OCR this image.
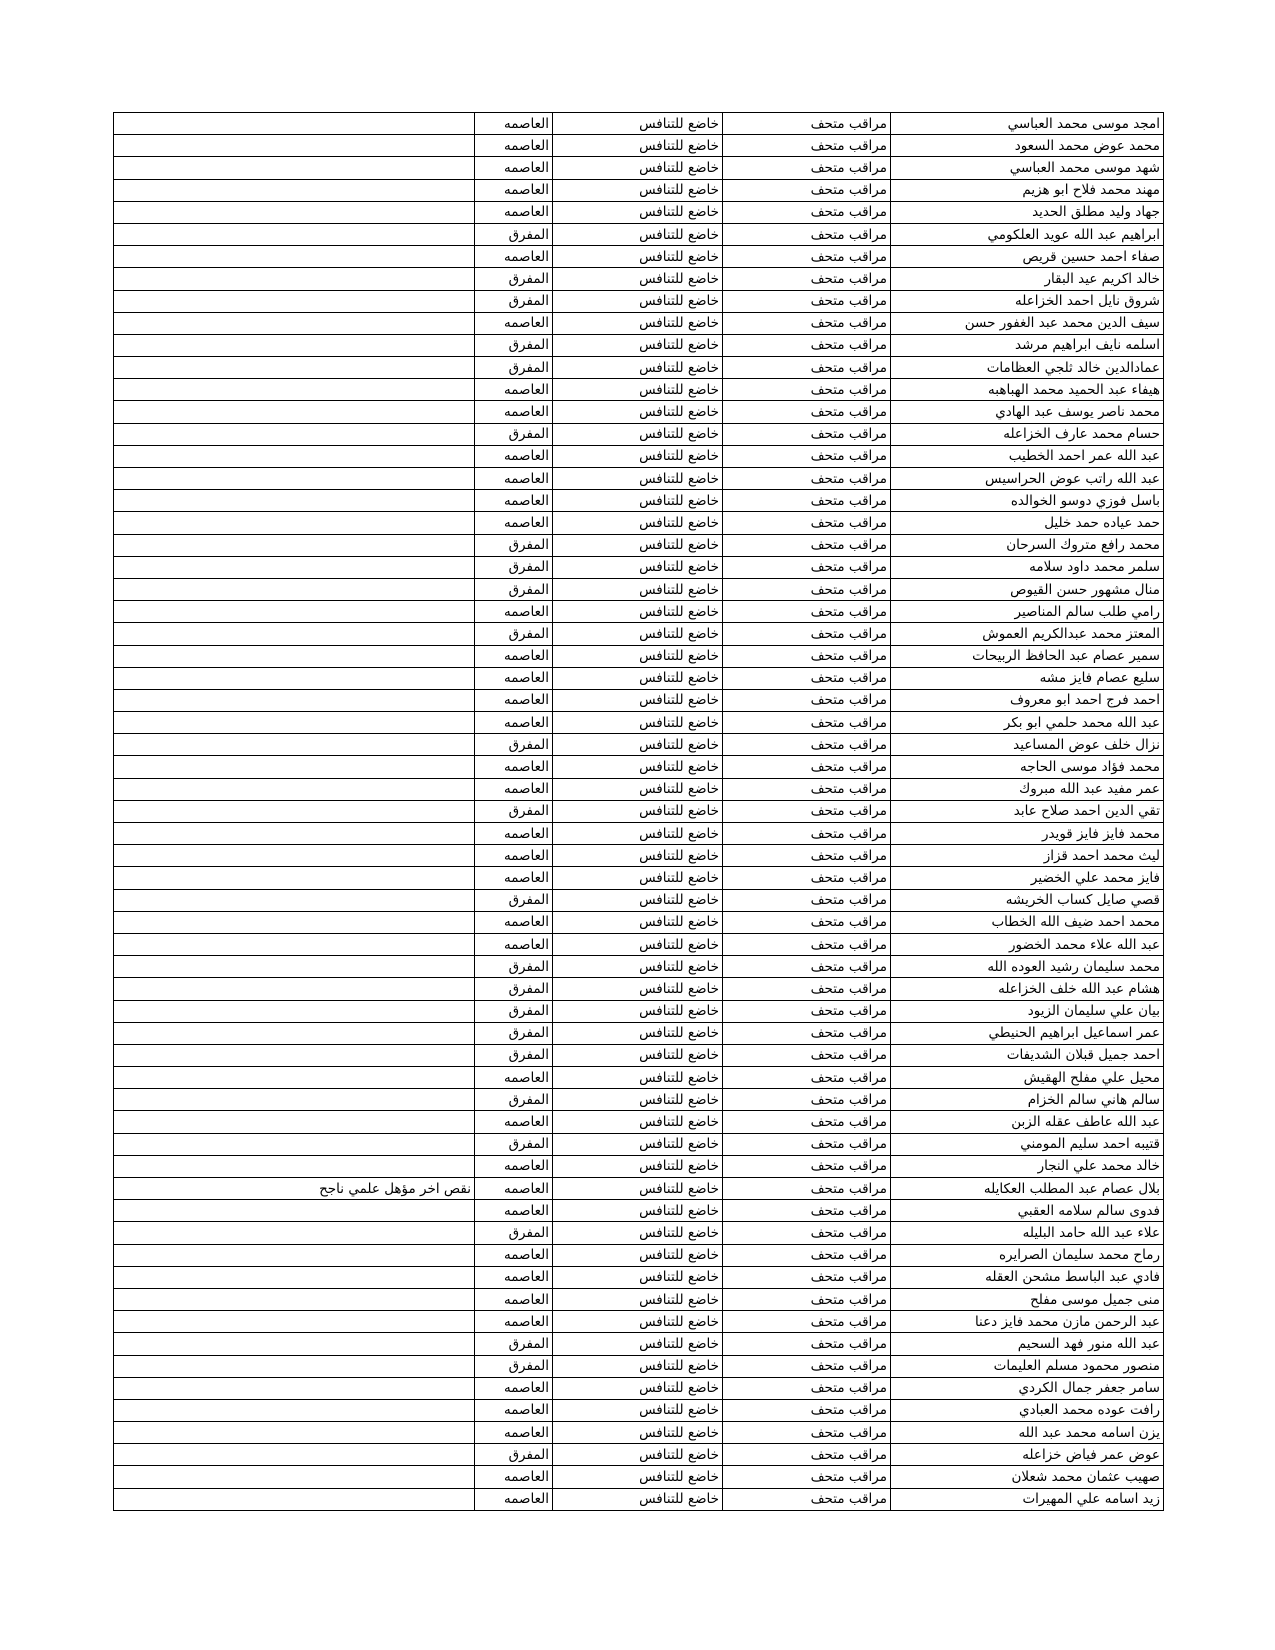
امجد موسى محمد العباسي	مراقب متحف	خاضع للتنافس	العاصمه	
محمد عوض محمد السعود	مراقب متحف	خاضع للتنافس	العاصمه	
شهد موسى محمد العباسي	مراقب متحف	خاضع للتنافس	العاصمه	
مهند محمد فلاح ابو هزيم	مراقب متحف	خاضع للتنافس	العاصمه	
جهاد وليد مطلق الحديد	مراقب متحف	خاضع للتنافس	العاصمه	
ابراهيم عبد الله عويد العلكومي	مراقب متحف	خاضع للتنافس	المفرق	
صفاء احمد حسين قريص	مراقب متحف	خاضع للتنافس	العاصمه	
خالد اكريم عيد البقار	مراقب متحف	خاضع للتنافس	المفرق	
شروق نايل احمد الخزاعله	مراقب متحف	خاضع للتنافس	المفرق	
سيف الدين محمد عبد الغفور حسن	مراقب متحف	خاضع للتنافس	العاصمه	
اسلمه نايف ابراهيم مرشد	مراقب متحف	خاضع للتنافس	المفرق	
عمادالدين خالد ثلجي العظامات	مراقب متحف	خاضع للتنافس	المفرق	
هيفاء عبد الحميد محمد الهباهبه	مراقب متحف	خاضع للتنافس	العاصمه	
محمد ناصر يوسف عبد الهادي	مراقب متحف	خاضع للتنافس	العاصمه	
حسام محمد عارف الخزاعله	مراقب متحف	خاضع للتنافس	المفرق	
عبد الله عمر احمد الخطيب	مراقب متحف	خاضع للتنافس	العاصمه	
عبد الله راتب عوض الحراسيس	مراقب متحف	خاضع للتنافس	العاصمه	
باسل فوزي دوسو الخوالده	مراقب متحف	خاضع للتنافس	العاصمه	
حمد عياده حمد خليل	مراقب متحف	خاضع للتنافس	العاصمه	
محمد رافع متروك السرحان	مراقب متحف	خاضع للتنافس	المفرق	
سلمر محمد داود سلامه	مراقب متحف	خاضع للتنافس	المفرق	
منال مشهور حسن القيوص	مراقب متحف	خاضع للتنافس	المفرق	
رامي طلب سالم المناصير	مراقب متحف	خاضع للتنافس	العاصمه	
المعتز محمد عبدالكريم العموش	مراقب متحف	خاضع للتنافس	المفرق	
سمير عصام عبد الحافظ الربيحات	مراقب متحف	خاضع للتنافس	العاصمه	
سليع عصام فايز مشه	مراقب متحف	خاضع للتنافس	العاصمه	
احمد فرج احمد ابو معروف	مراقب متحف	خاضع للتنافس	العاصمه	
عبد الله محمد حلمي ابو بكر	مراقب متحف	خاضع للتنافس	العاصمه	
نزال خلف عوض المساعيد	مراقب متحف	خاضع للتنافس	المفرق	
محمد فؤاد موسى الحاجه	مراقب متحف	خاضع للتنافس	العاصمه	
عمر مفيد عبد الله مبروك	مراقب متحف	خاضع للتنافس	العاصمه	
تقي الدين احمد صلاح عابد	مراقب متحف	خاضع للتنافس	المفرق	
محمد فايز فايز قويدر	مراقب متحف	خاضع للتنافس	العاصمه	
ليث محمد احمد قزاز	مراقب متحف	خاضع للتنافس	العاصمه	
فايز محمد علي الخضير	مراقب متحف	خاضع للتنافس	العاصمه	
قصي صايل كساب الخريشه	مراقب متحف	خاضع للتنافس	المفرق	
محمد احمد ضيف الله الخطاب	مراقب متحف	خاضع للتنافس	العاصمه	
عبد الله علاء محمد الخضور	مراقب متحف	خاضع للتنافس	العاصمه	
محمد سليمان رشيد العوده الله	مراقب متحف	خاضع للتنافس	المفرق	
هشام عبد الله خلف الخزاعله	مراقب متحف	خاضع للتنافس	المفرق	
بيان علي سليمان الزيود	مراقب متحف	خاضع للتنافس	المفرق	
عمر اسماعيل ابراهيم الحنيطي	مراقب متحف	خاضع للتنافس	المفرق	
احمد جميل قبلان الشديفات	مراقب متحف	خاضع للتنافس	المفرق	
محيل علي مفلح الهقيش	مراقب متحف	خاضع للتنافس	العاصمه	
سالم هاني سالم الخزام	مراقب متحف	خاضع للتنافس	المفرق	
عبد الله عاطف عقله الزبن	مراقب متحف	خاضع للتنافس	العاصمه	
قتيبه احمد سليم المومني	مراقب متحف	خاضع للتنافس	المفرق	
خالد محمد علي النجار	مراقب متحف	خاضع للتنافس	العاصمه	
بلال عصام عبد المطلب العكايله	مراقب متحف	خاضع للتنافس	العاصمه	نقص اخر مؤهل علمي ناجح
فدوى سالم سلامه العقبي	مراقب متحف	خاضع للتنافس	العاصمه	
علاء عبد الله حامد البليله	مراقب متحف	خاضع للتنافس	المفرق	
رماح محمد سليمان الصرايره	مراقب متحف	خاضع للتنافس	العاصمه	
فادي عبد الباسط مشحن العقله	مراقب متحف	خاضع للتنافس	العاصمه	
منى جميل موسى مفلح	مراقب متحف	خاضع للتنافس	العاصمه	
عبد الرحمن مازن محمد فايز دعنا	مراقب متحف	خاضع للتنافس	العاصمه	
عبد الله منور فهد السحيم	مراقب متحف	خاضع للتنافس	المفرق	
منصور محمود مسلم العليمات	مراقب متحف	خاضع للتنافس	المفرق	
سامر جعفر جمال الكردي	مراقب متحف	خاضع للتنافس	العاصمه	
رافت عوده محمد العبادي	مراقب متحف	خاضع للتنافس	العاصمه	
يزن اسامه محمد عبد الله	مراقب متحف	خاضع للتنافس	العاصمه	
عوض عمر فياض خزاعله	مراقب متحف	خاضع للتنافس	المفرق	
صهيب عثمان محمد شعلان	مراقب متحف	خاضع للتنافس	العاصمه	
زيد اسامه علي المهيرات	مراقب متحف	خاضع للتنافس	العاصمه	
